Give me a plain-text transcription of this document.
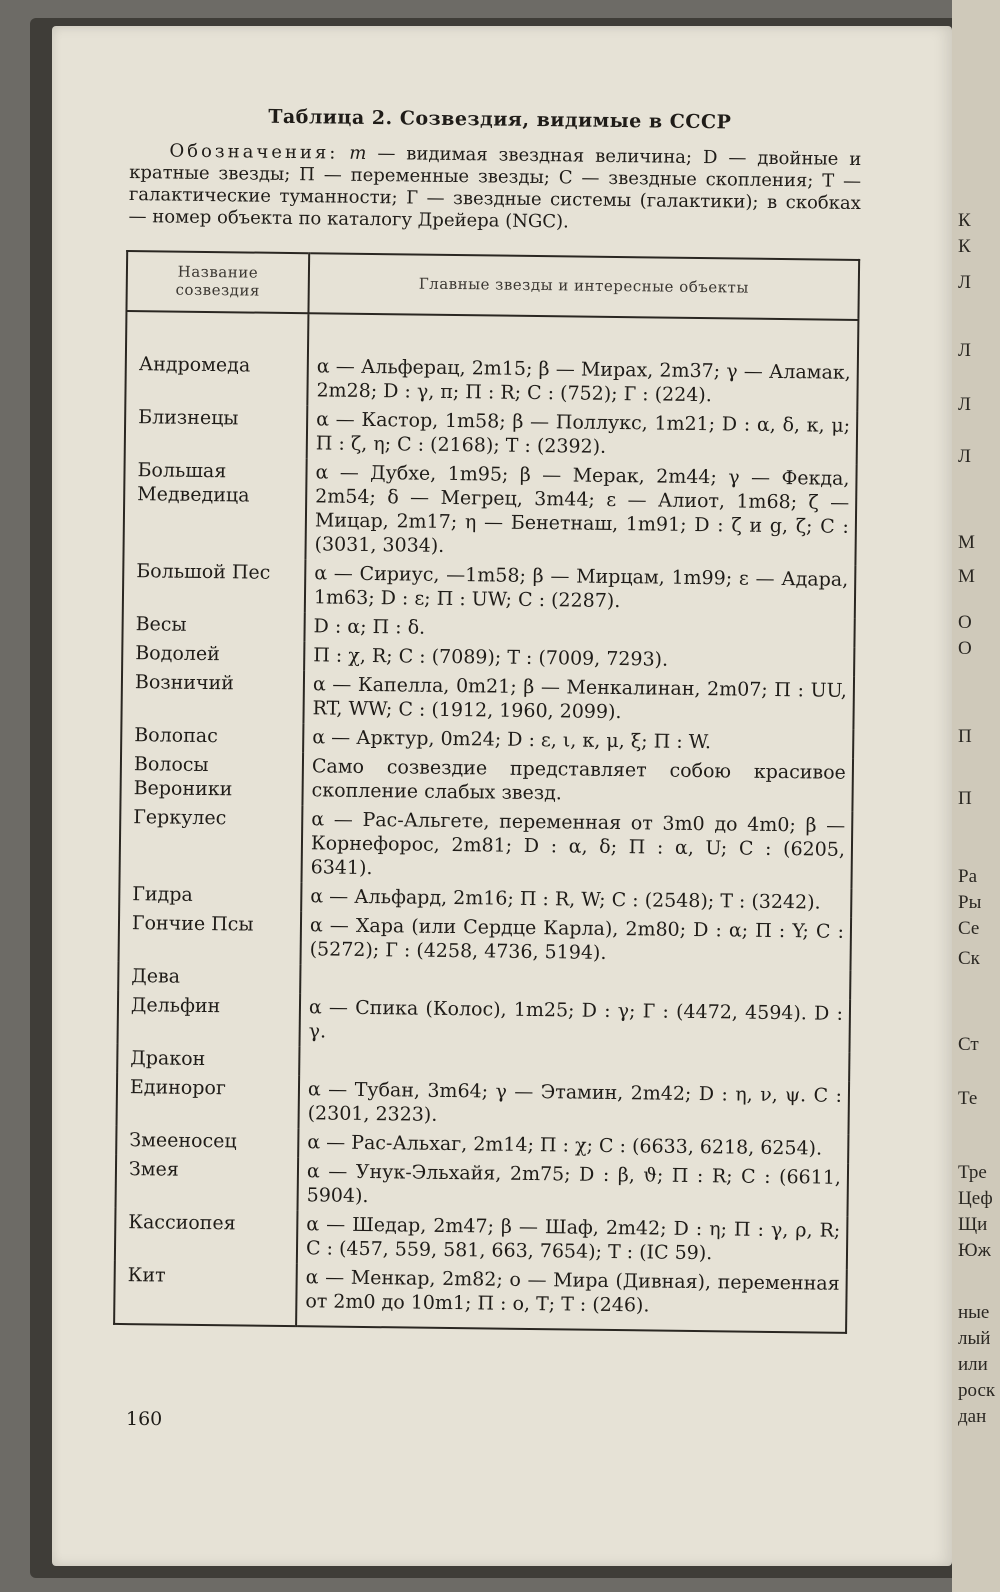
К
К
Л
Л
Л
Л
М
М
О
О
П
П
Ра
Ры
Се
Ск
Ст
Те
Тре
Цеф
Щи
Юж
ные
лый
или
роск
дан
Таблица 2. Созвездия, видимые в СССР
Обозначения: m — видимая звездная величина; D — двойные и кратные звезды; П — переменные звезды; С — звездные скопления; Т — галактические туманности; Г — звездные системы (галактики); в скобках — номер объекта по каталогу Дрейера (NGC).
Название созвездия	Главные звезды и интересные объекты
Андромеда	α — Альферац, 2m15; β — Мирах, 2m37; γ — Аламак, 2m28; D : γ, π; П : R; С : (752); Г : (224).
Близнецы	α — Кастор, 1m58; β — Поллукс, 1m21; D : α, δ, κ, μ; П : ζ, η; С : (2168); Т : (2392).
Большая Медведица	α — Дубхе, 1m95; β — Мерак, 2m44; γ — Фекда, 2m54; δ — Мегрец, 3m44; ε — Алиот, 1m68; ζ — Мицар, 2m17; η — Бенетнаш, 1m91; D : ζ и g, ζ; С : (3031, 3034).
Большой Пес	α — Сириус, —1m58; β — Мирцам, 1m99; ε — Адара, 1m63; D : ε; П : UW; С : (2287).
Весы	D : α; П : δ.
Водолей	П : χ, R; С : (7089); Т : (7009, 7293).
Возничий	α — Капелла, 0m21; β — Менкалинан, 2m07; П : UU, RT, WW; С : (1912, 1960, 2099).
Волопас	α — Арктур, 0m24; D : ε, ι, κ, μ, ξ; П : W.
Волосы Вероники	Само созвездие представляет собою красивое скопление слабых звезд.
Геркулес	α — Рас-Альгете, переменная от 3m0 до 4m0; β — Корнефорос, 2m81; D : α, δ; П : α, U; С : (6205, 6341).
Гидра	α — Альфард, 2m16; П : R, W; С : (2548); Т : (3242).
Гончие Псы	α — Хара (или Сердце Карла), 2m80; D : α; П : Y; С : (5272); Г : (4258, 4736, 5194).
Дева	
Дельфин	α — Спика (Колос), 1m25; D : γ; Г : (4472, 4594). D : γ.
Дракон	
Единорог	α — Тубан, 3m64; γ — Этамин, 2m42; D : η, ν, ψ. С : (2301, 2323).
Змееносец	α — Рас-Альхаг, 2m14; П : χ; С : (6633, 6218, 6254).
Змея	α — Унук-Эльхайя, 2m75; D : β, ϑ; П : R; С : (6611, 5904).
Кассиопея	α — Шедар, 2m47; β — Шаф, 2m42; D : η; П : γ, ρ, R; С : (457, 559, 581, 663, 7654); Т : (IC 59).
Кит	α — Менкар, 2m82; о — Мира (Дивная), переменная от 2m0 до 10m1; П : о, Т; Т : (246).
160
